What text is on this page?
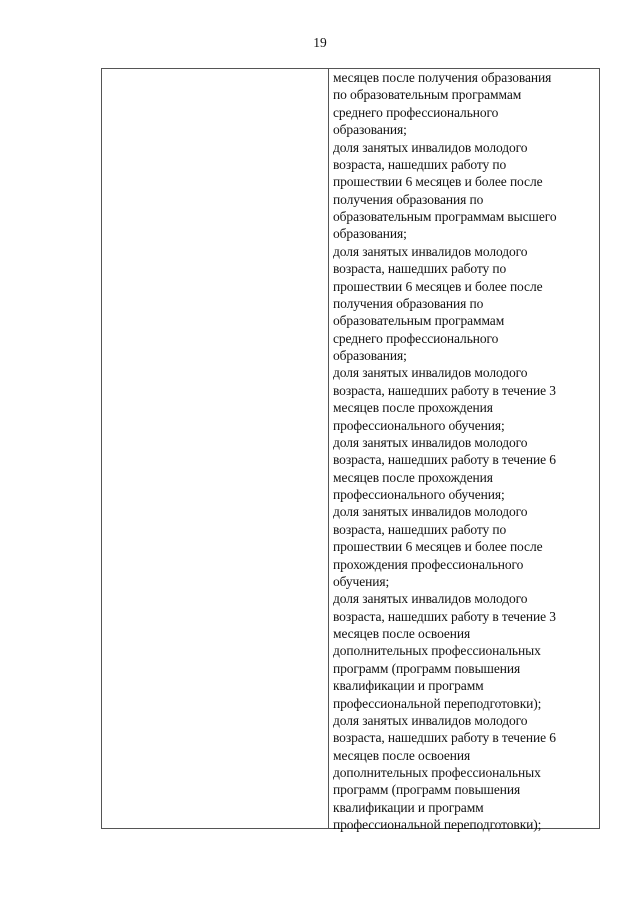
19
месяцев после получения образования
по образовательным программам
среднего профессионального
образования;
доля занятых инвалидов молодого
возраста, нашедших работу по
прошествии 6 месяцев и более после
получения образования по
образовательным программам высшего
образования;
доля занятых инвалидов молодого
возраста, нашедших работу по
прошествии 6 месяцев и более после
получения образования по
образовательным программам
среднего профессионального
образования;
доля занятых инвалидов молодого
возраста, нашедших работу в течение 3
месяцев после прохождения
профессионального обучения;
доля занятых инвалидов молодого
возраста, нашедших работу в течение 6
месяцев после прохождения
профессионального обучения;
доля занятых инвалидов молодого
возраста, нашедших работу по
прошествии 6 месяцев и более после
прохождения профессионального
обучения;
доля занятых инвалидов молодого
возраста, нашедших работу в течение 3
месяцев после освоения
дополнительных профессиональных
программ (программ повышения
квалификации и программ
профессиональной переподготовки);
доля занятых инвалидов молодого
возраста, нашедших работу в течение 6
месяцев после освоения
дополнительных профессиональных
программ (программ повышения
квалификации и программ
профессиональной переподготовки);
